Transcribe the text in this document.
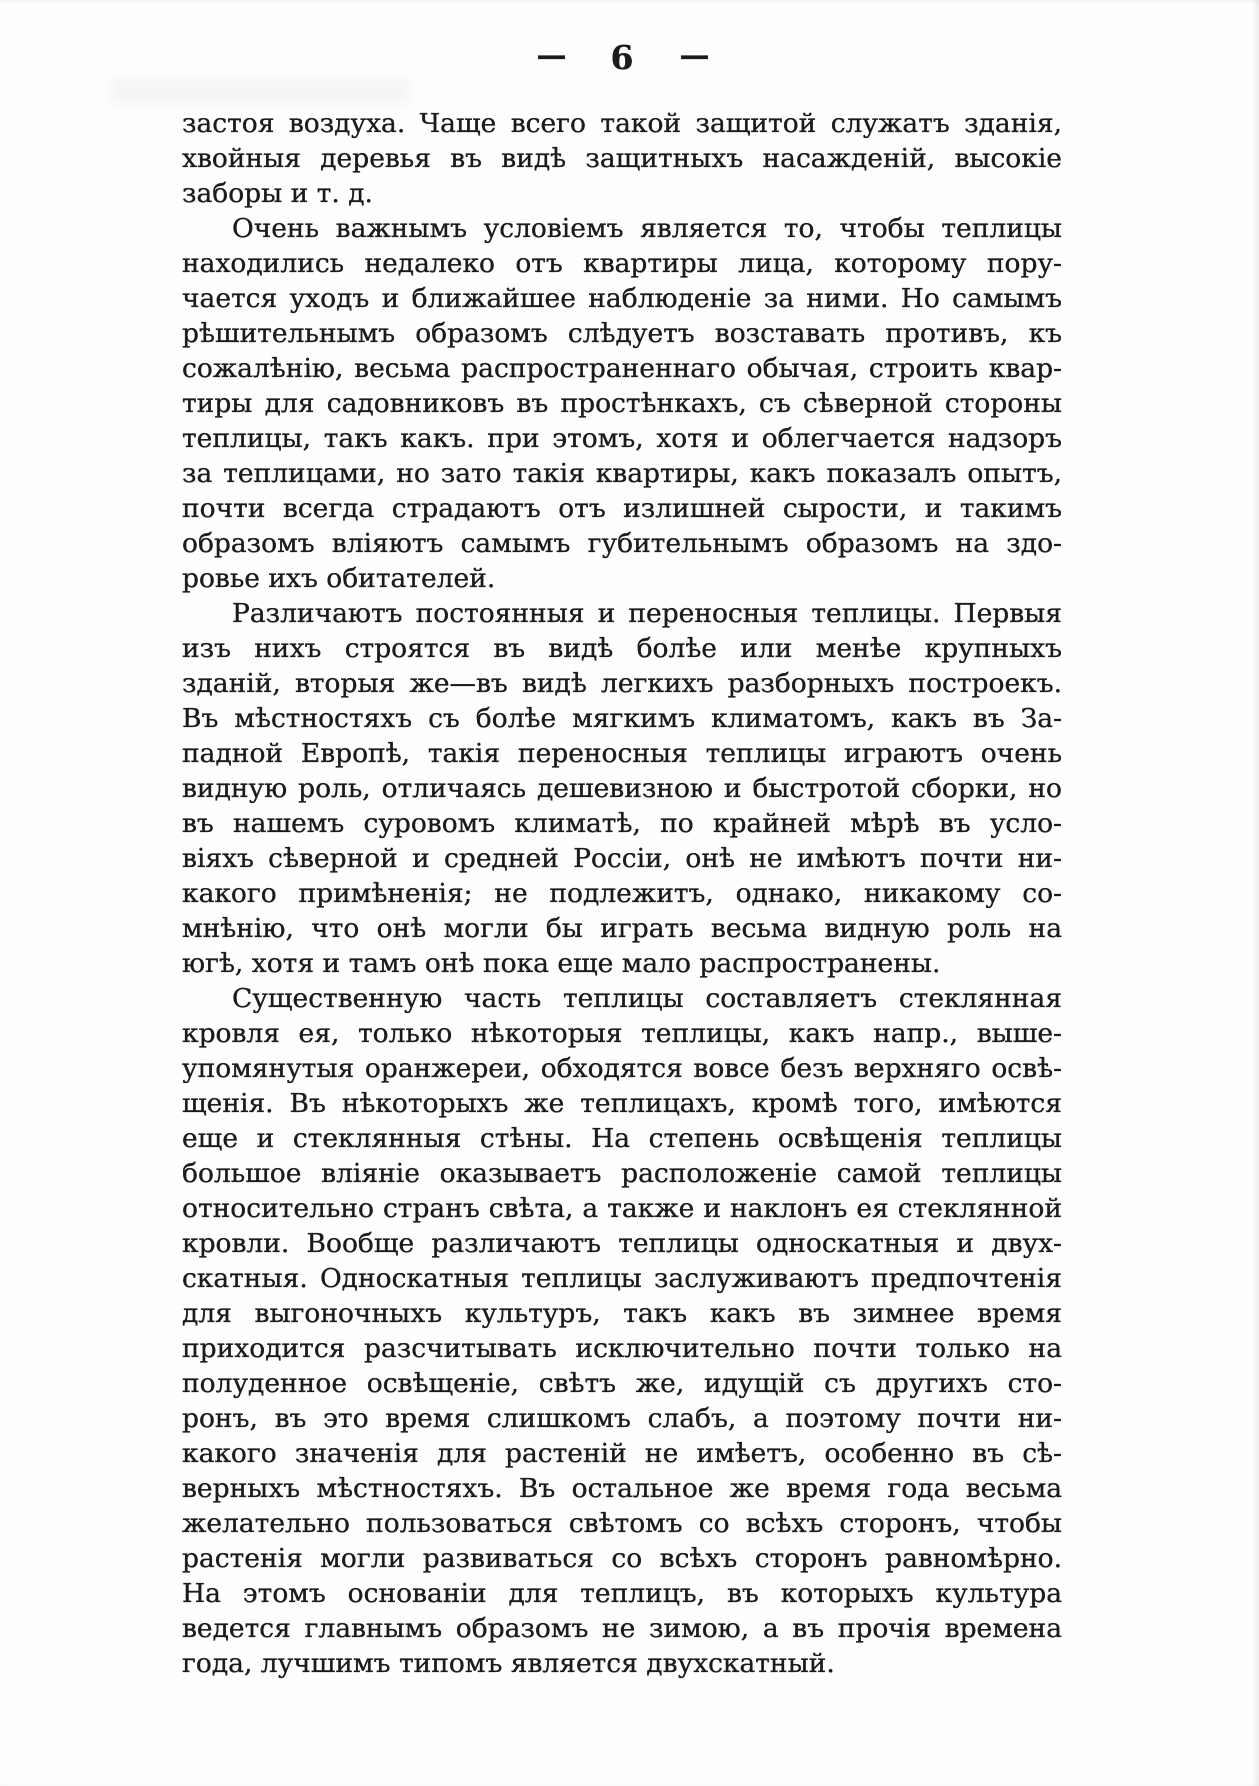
— 6 —
застоя воздуха. Чаще всего такой защитой служатъ зданія,
хвойныя деревья въ видѣ защитныхъ насажденій, высокіе
заборы и т. д.
Очень важнымъ условіемъ является то, чтобы теплицы
находились недалеко отъ квартиры лица, которому пору-
чается уходъ и ближайшее наблюденіе за ними. Но самымъ
рѣшительнымъ образомъ слѣдуетъ возставать противъ, къ
сожалѣнію, весьма распространеннаго обычая, строить квар-
тиры для садовниковъ въ простѣнкахъ, съ сѣверной стороны
теплицы, такъ какъ. при этомъ, хотя и облегчается надзоръ
за теплицами, но зато такія квартиры, какъ показалъ опытъ,
почти всегда страдаютъ отъ излишней сырости, и такимъ
образомъ вліяютъ самымъ губительнымъ образомъ на здо-
ровье ихъ обитателей.
Различаютъ постоянныя и переносныя теплицы. Первыя
изъ нихъ строятся въ видѣ болѣе или менѣе крупныхъ
зданій, вторыя же—въ видѣ легкихъ разборныхъ построекъ.
Въ мѣстностяхъ съ болѣе мягкимъ климатомъ, какъ въ За-
падной Европѣ, такія переносныя теплицы играютъ очень
видную роль, отличаясь дешевизною и быстротой сборки, но
въ нашемъ суровомъ климатѣ, по крайней мѣрѣ въ усло-
віяхъ сѣверной и средней Россіи, онѣ не имѣютъ почти ни-
какого примѣненія; не подлежитъ, однако, никакому со-
мнѣнію, что онѣ могли бы играть весьма видную роль на
югѣ, хотя и тамъ онѣ пока еще мало распространены.
Существенную часть теплицы составляетъ стеклянная
кровля ея, только нѣкоторыя теплицы, какъ напр., выше-
упомянутыя оранжереи, обходятся вовсе безъ верхняго освѣ-
щенія. Въ нѣкоторыхъ же теплицахъ, кромѣ того, имѣются
еще и стеклянныя стѣны. На степень освѣщенія теплицы
большое вліяніе оказываетъ расположеніе самой теплицы
относительно странъ свѣта, а также и наклонъ ея стеклянной
кровли. Вообще различаютъ теплицы односкатныя и двух-
скатныя. Односкатныя теплицы заслуживаютъ предпочтенія
для выгоночныхъ культуръ, такъ какъ въ зимнее время
приходится разсчитывать исключительно почти только на
полуденное освѣщеніе, свѣтъ же, идущій съ другихъ сто-
ронъ, въ это время слишкомъ слабъ, а поэтому почти ни-
какого значенія для растеній не имѣетъ, особенно въ сѣ-
верныхъ мѣстностяхъ. Въ остальное же время года весьма
желательно пользоваться свѣтомъ со всѣхъ сторонъ, чтобы
растенія могли развиваться со всѣхъ сторонъ равномѣрно.
На этомъ основаніи для теплицъ, въ которыхъ культура
ведется главнымъ образомъ не зимою, а въ прочія времена
года, лучшимъ типомъ является двухскатный.
